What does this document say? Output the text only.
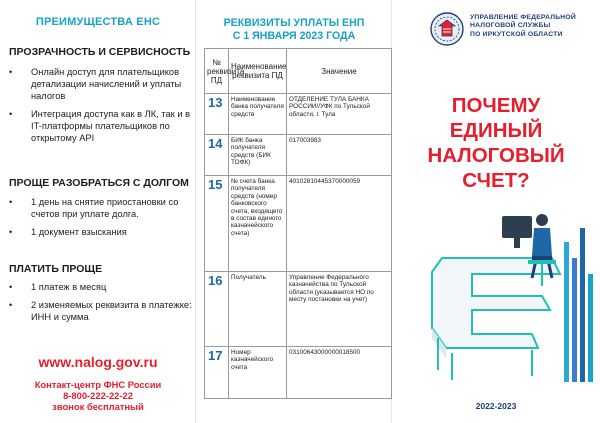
ПРЕИМУЩЕСТВА ЕНС
ПРОЗРАЧНОСТЬ И СЕРВИСНОСТЬ
• Онлайн доступ для плательщиков детализации начислений и уплаты налогов
• Интеграция доступа как в ЛК, так и в IT-платформы плательщиков по открытому API
ПРОЩЕ РАЗОБРАТЬСЯ С ДОЛГОМ
• 1 день на снятие приостановки со счетов при уплате долга.
• 1 документ взыскания
ПЛАТИТЬ ПРОЩЕ
• 1 платеж в месяц
• 2 изменяемых реквизита в платежке: ИНН и сумма
www.nalog.gov.ru
Контакт-центр ФНС России
8-800-222-22-22
звонок бесплатный
РЕКВИЗИТЫ УПЛАТЫ ЕНП
С 1 ЯНВАРЯ 2023 ГОДА
№ реквизита ПД	Наименование реквизита ПД	Значение
13	Наименование банка получателя средств	ОТДЕЛЕНИЕ ТУЛА БАНКА РОССИИ//УФК по Тульской области, г. Тула
14	БИК банка получателя средств (БИК ТОФК)	017003983
15	№ счета банка получателя средств (номер банковского счета, входящего в состав единого казначейского счета)	40102810445370000059
16	Получатель	Управление Федерального казначейства по Тульской области (указывается НО по месту постановки на учет)
17	Номер казначейского счета	03100643000000018500
УПРАВЛЕНИЕ ФЕДЕРАЛЬНОЙ
НАЛОГОВОЙ СЛУЖБЫ
ПО ИРКУТСКОЙ ОБЛАСТИ
ПОЧЕМУ
ЕДИНЫЙ
НАЛОГОВЫЙ
СЧЕТ?
2022-2023
